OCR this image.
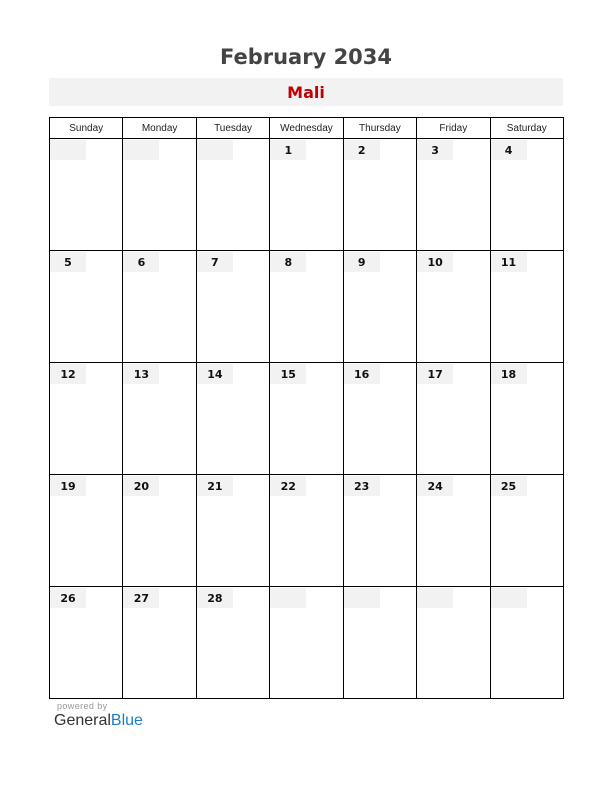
February 2034
Mali
Sunday	Monday	Tuesday	Wednesday	Thursday	Friday	Saturday

			1	2	3	4

5	6	7	8	9	10	11

12	13	14	15	16	17	18

19	20	21	22	23	24	25

26	27	28				

powered by
GeneralBlue
